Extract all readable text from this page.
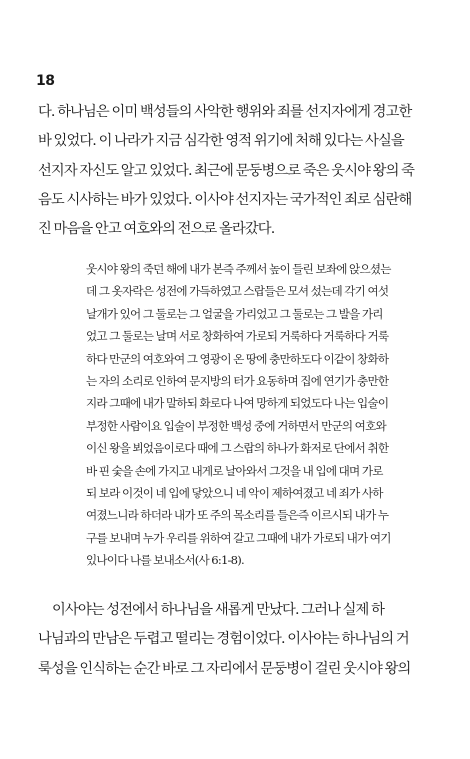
18

다. 하나님은 이미 백성들의 사악한 행위와 죄를 선지자에게 경고한
바 있었다. 이 나라가 지금 심각한 영적 위기에 처해 있다는 사실을
선지자 자신도 알고 있었다. 최근에 문둥병으로 죽은 웃시야 왕의 죽
음도 시사하는 바가 있었다. 이사야 선지자는 국가적인 죄로 심란해
진 마음을 안고 여호와의 전으로 올라갔다.

웃시야 왕의 죽던 해에 내가 본즉 주께서 높이 들린 보좌에 앉으셨는
데 그 옷자락은 성전에 가득하였고 스랍들은 모셔 섰는데 각기 여섯
날개가 있어 그 둘로는 그 얼굴을 가리었고 그 둘로는 그 발을 가리
었고 그 둘로는 날며 서로 창화하여 가로되 거룩하다 거룩하다 거룩
하다 만군의 여호와여 그 영광이 온 땅에 충만하도다 이같이 창화하
는 자의 소리로 인하여 문지방의 터가 요동하며 집에 연기가 충만한
지라 그때에 내가 말하되 화로다 나여 망하게 되었도다 나는 입술이
부정한 사람이요 입술이 부정한 백성 중에 거하면서 만군의 여호와
이신 왕을 뵈었음이로다 때에 그 스랍의 하나가 화저로 단에서 취한
바 핀 숯을 손에 가지고 내게로 날아와서 그것을 내 입에 대며 가로
되 보라 이것이 네 입에 닿았으니 네 악이 제하여졌고 네 죄가 사하
여졌느니라 하더라 내가 또 주의 목소리를 들은즉 이르시되 내가 누
구를 보내며 누가 우리를 위하여 갈고 그때에 내가 가로되 내가 여기
있나이다 나를 보내소서(사 6:1-8).

이사야는 성전에서 하나님을 새롭게 만났다. 그러나 실제 하
나님과의 만남은 두렵고 떨리는 경험이었다. 이사야는 하나님의 거
룩성을 인식하는 순간 바로 그 자리에서 문둥병이 걸린 웃시야 왕의
